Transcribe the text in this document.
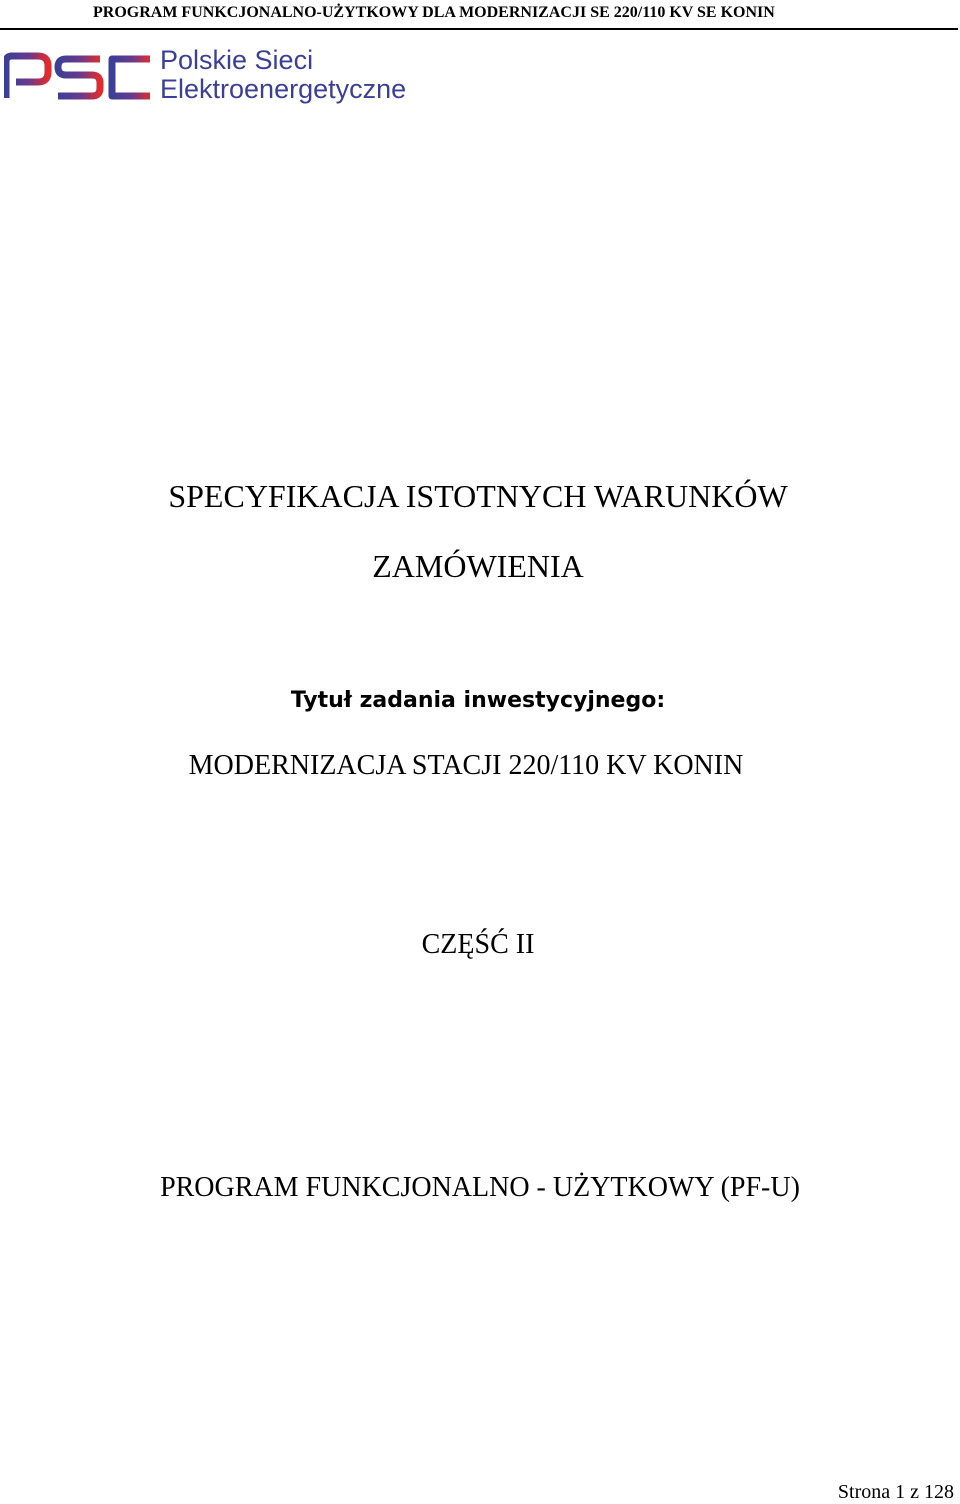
PROGRAM FUNKCJONALNO-UŻYTKOWY DLA MODERNIZACJI SE 220/110 KV SE KONIN
Polskie Sieci
Elektroenergetyczne
SPECYFIKACJA ISTOTNYCH WARUNKÓW
ZAMÓWIENIA
Tytuł zadania inwestycyjnego:
MODERNIZACJA STACJI 220/110 KV KONIN
CZĘŚĆ II
PROGRAM FUNKCJONALNO - UŻYTKOWY (PF-U)
Strona 1 z 128
